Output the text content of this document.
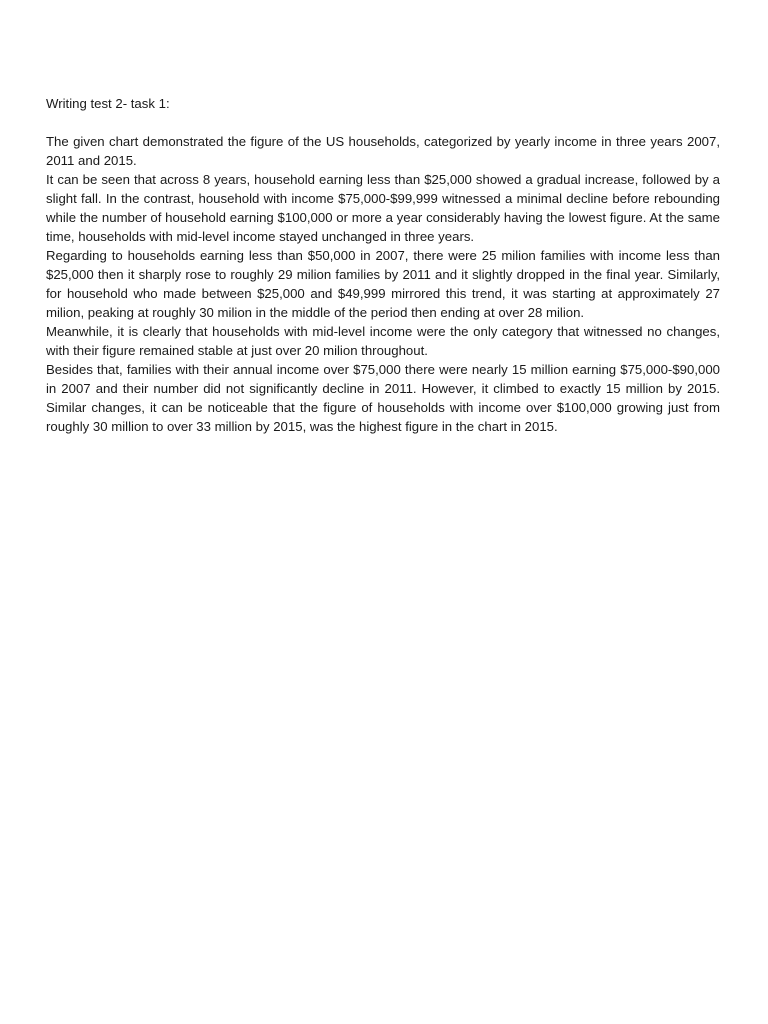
Writing test 2- task 1:

The given chart demonstrated the figure of the US households, categorized by yearly income in three years 2007, 2011 and 2015.

It can be seen that across 8 years, household earning less than $25,000 showed a gradual increase, followed by a slight fall. In the contrast, household with income $75,000-$99,999 witnessed a minimal decline before rebounding while the number of household earning $100,000 or more a year considerably having the lowest figure. At the same time, households with mid-level income stayed unchanged in three years.

Regarding to households earning less than $50,000 in 2007, there were 25 milion families with income less than $25,000 then it sharply rose to roughly 29 milion families by 2011 and it slightly dropped in the final year. Similarly, for household who made between $25,000 and $49,999 mirrored this trend, it was starting at approximately 27 milion, peaking at roughly 30 milion in the middle of the period then ending at over 28 milion.

Meanwhile, it is clearly that households with mid-level income were the only category that witnessed no changes, with their figure remained stable at just over 20 milion throughout.

Besides that, families with their annual income over $75,000 there were nearly 15 million earning $75,000-$90,000 in 2007 and their number did not significantly decline in 2011. However, it climbed to exactly 15 million by 2015. Similar changes, it can be noticeable that the figure of households with income over $100,000 growing just from roughly 30 million to over 33 million by 2015, was the highest figure in the chart in 2015.
